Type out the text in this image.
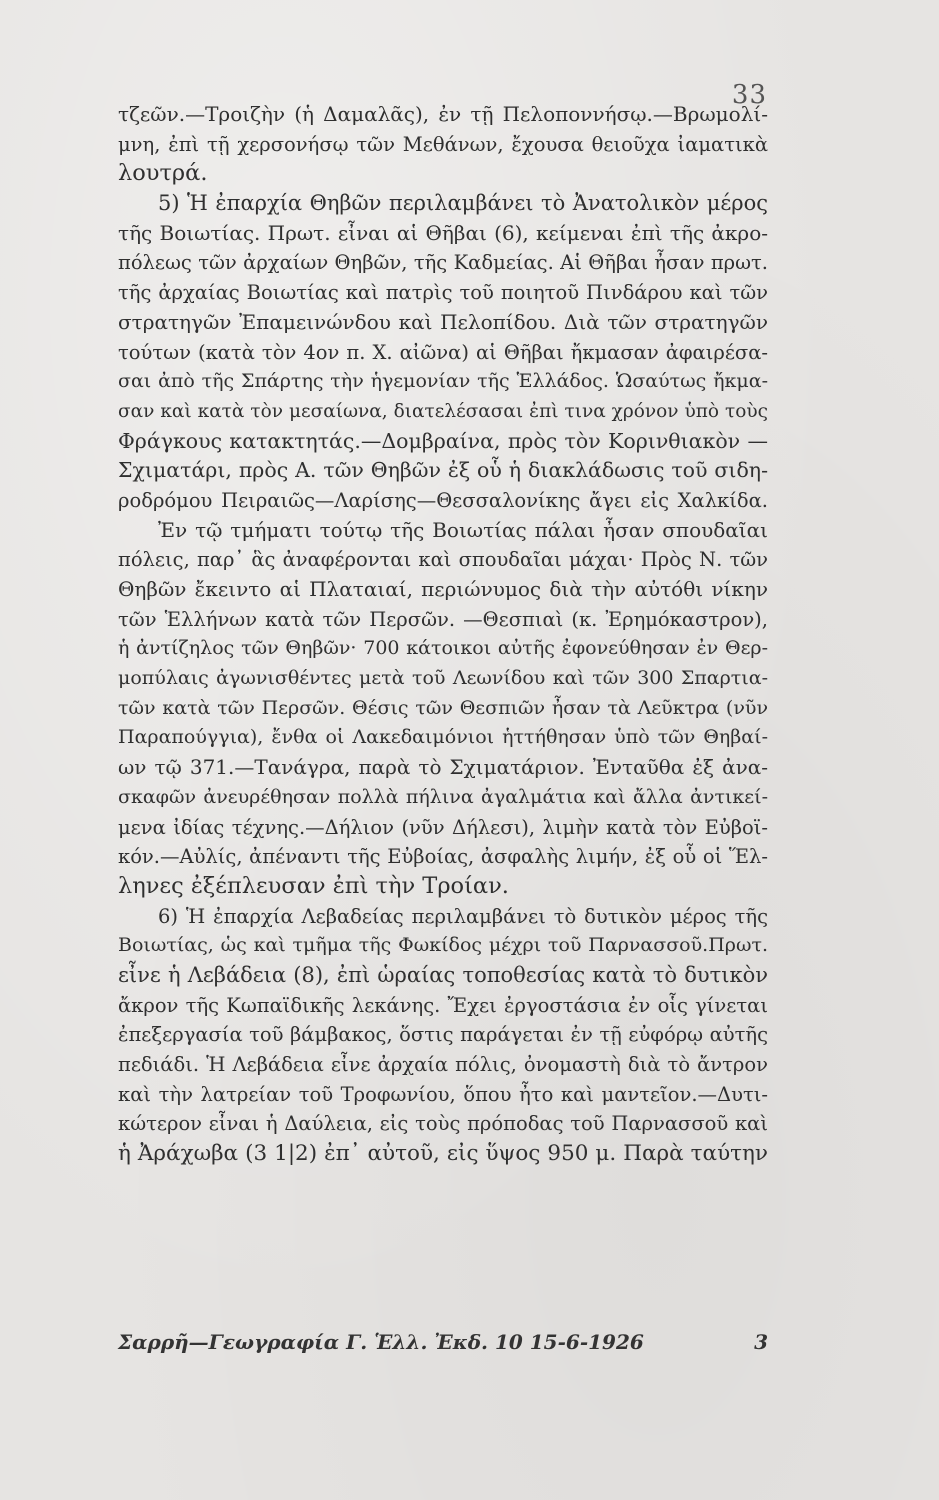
33
τζεῶν.—Τροιζὴν (ἡ Δαμαλᾶς), ἐν τῇ Πελοποννήσῳ.—Βρωμολί-
μνη, ἐπὶ τῇ χερσονήσῳ τῶν Μεθάνων, ἔχουσα θειοῦχα ἰαματικὰ
λουτρά.
5) Ἡ ἐπαρχία Θηβῶν περιλαμβάνει τὸ Ἀνατολικὸν μέρος
τῆς Βοιωτίας. Πρωτ. εἶναι αἱ Θῆβαι (6), κείμεναι ἐπὶ τῆς ἀκρο-
πόλεως τῶν ἀρχαίων Θηβῶν, τῆς Καδμείας. Αἱ Θῆβαι ἦσαν πρωτ.
τῆς ἀρχαίας Βοιωτίας καὶ πατρὶς τοῦ ποιητοῦ Πινδάρου καὶ τῶν
στρατηγῶν Ἐπαμεινώνδου καὶ Πελοπίδου. Διὰ τῶν στρατηγῶν
τούτων (κατὰ τὸν 4ον π. Χ. αἰῶνα) αἱ Θῆβαι ἤκμασαν ἀφαιρέσα-
σαι ἀπὸ τῆς Σπάρτης τὴν ἡγεμονίαν τῆς Ἑλλάδος. Ὡσαύτως ἤκμα-
σαν καὶ κατὰ τὸν μεσαίωνα, διατελέσασαι ἐπὶ τινα χρόνον ὑπὸ τοὺς
Φράγκους κατακτητάς.—Δομβραίνα, πρὸς τὸν Κορινθιακὸν —
Σχιματάρι, πρὸς Α. τῶν Θηβῶν ἐξ οὗ ἡ διακλάδωσις τοῦ σιδη-
ροδρόμου Πειραιῶς—Λαρίσης—Θεσσαλονίκης ἄγει εἰς Χαλκίδα.
Ἐν τῷ τμήματι τούτῳ τῆς Βοιωτίας πάλαι ἦσαν σπουδαῖαι
πόλεις, παρ᾽ ἃς ἀναφέρονται καὶ σπουδαῖαι μάχαι· Πρὸς Ν. τῶν
Θηβῶν ἔκειντο αἱ Πλαταιαί, περιώνυμος διὰ τὴν αὐτόθι νίκην
τῶν Ἑλλήνων κατὰ τῶν Περσῶν. —Θεσπιαὶ (κ. Ἐρημόκαστρον),
ἡ ἀντίζηλος τῶν Θηβῶν· 700 κάτοικοι αὐτῆς ἐφονεύθησαν ἐν Θερ-
μοπύλαις ἀγωνισθέντες μετὰ τοῦ Λεωνίδου καὶ τῶν 300 Σπαρτια-
τῶν κατὰ τῶν Περσῶν. Θέσις τῶν Θεσπιῶν ἦσαν τὰ Λεῦκτρα (νῦν
Παραπούγγια), ἔνθα οἱ Λακεδαιμόνιοι ἡττήθησαν ὑπὸ τῶν Θηβαί-
ων τῷ 371.—Τανάγρα, παρὰ τὸ Σχιματάριον. Ἐνταῦθα ἐξ ἀνα-
σκαφῶν ἀνευρέθησαν πολλὰ πήλινα ἀγαλμάτια καὶ ἄλλα ἀντικεί-
μενα ἰδίας τέχνης.—Δήλιον (νῦν Δήλεσι), λιμὴν κατὰ τὸν Εὐβοϊ-
κόν.—Αὐλίς, ἀπέναντι τῆς Εὐβοίας, ἀσφαλὴς λιμήν, ἐξ οὗ οἱ Ἕλ-
ληνες ἐξέπλευσαν ἐπὶ τὴν Τροίαν.
6) Ἡ ἐπαρχία Λεβαδείας περιλαμβάνει τὸ δυτικὸν μέρος τῆς
Βοιωτίας, ὡς καὶ τμῆμα τῆς Φωκίδος μέχρι τοῦ Παρνασσοῦ.Πρωτ.
εἶνε ἡ Λεβάδεια (8), ἐπὶ ὡραίας τοποθεσίας κατὰ τὸ δυτικὸν
ἄκρον τῆς Κωπαϊδικῆς λεκάνης. Ἔχει ἐργοστάσια ἐν οἷς γίνεται
ἐπεξεργασία τοῦ βάμβακος, ὅστις παράγεται ἐν τῇ εὐφόρῳ αὐτῆς
πεδιάδι. Ἡ Λεβάδεια εἶνε ἀρχαία πόλις, ὀνομαστὴ διὰ τὸ ἄντρον
καὶ τὴν λατρείαν τοῦ Τροφωνίου, ὅπου ἦτο καὶ μαντεῖον.—Δυτι-
κώτερον εἶναι ἡ Δαύλεια, εἰς τοὺς πρόποδας τοῦ Παρνασσοῦ καὶ
ἡ Ἀράχωβα (3 1|2) ἐπ᾽ αὐτοῦ, εἰς ὕψος 950 μ. Παρὰ ταύτην
Σαρρῆ—Γεωγραφία Γ. Ἑλλ. Ἐκδ. 10 15-6-1926	3
